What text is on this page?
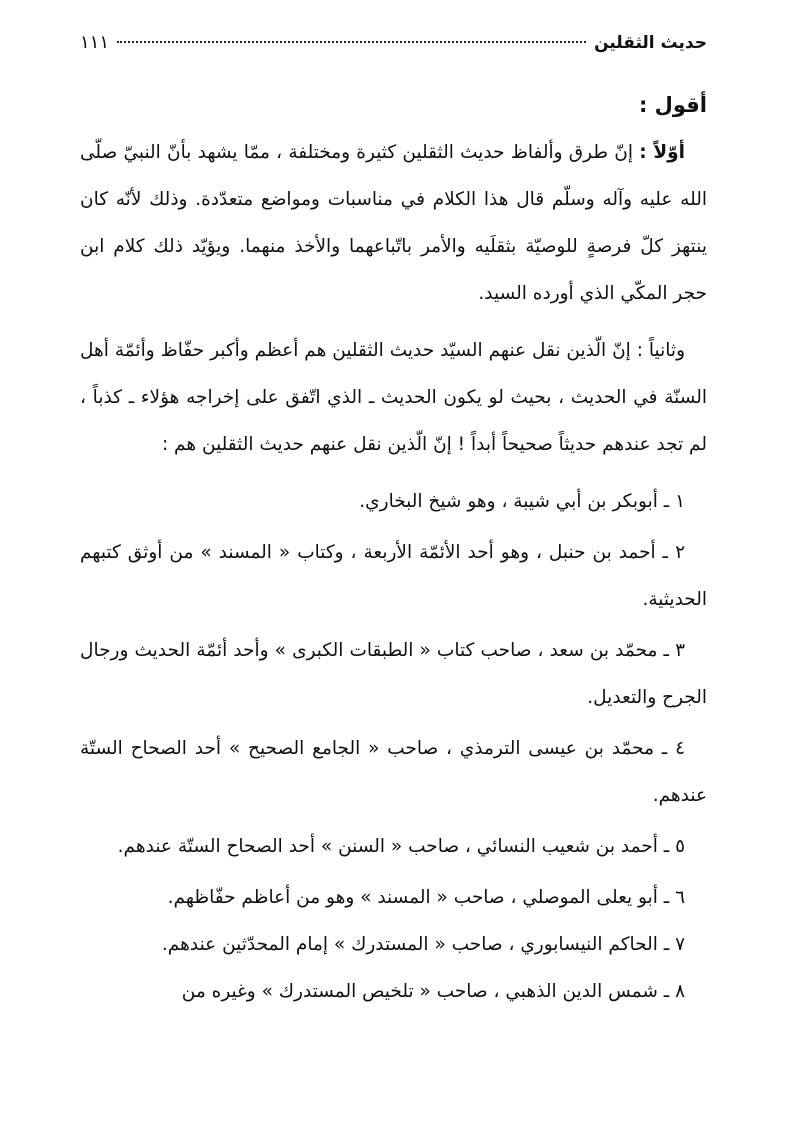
حديث الثقلين
١١١

أقول :

أوّلاً : إنّ طرق وألفاظ حديث الثقلين كثيرة ومختلفة ، ممّا يشهد بأنّ النبيّ صلّى الله عليه وآله وسلّم قال هذا الكلام في مناسبات ومواضع متعدّدة. وذلك لأنّه كان ينتهز كلّ فرصةٍ للوصيّة بثقلَيه والأمر باتّباعهما والأخذ منهما. ويؤيّد ذلك كلام ابن حجر المكّي الذي أورده السيد.

وثانياً : إنّ الّذين نقل عنهم السيّد حديث الثقلين هم أعظم وأكبر حفّاظ وأئمّة أهل السنّة في الحديث ، بحيث لو يكون الحديث ـ الذي اتّفق على إخراجه هؤلاء ـ كذباً ، لم تجد عندهم حديثاً صحيحاً أبداً ! إنّ الّذين نقل عنهم حديث الثقلين هم :

١ ـ أبوبكر بن أبي شيبة ، وهو شيخ البخاري.

٢ ـ أحمد بن حنبل ، وهو أحد الأئمّة الأربعة ، وكتاب « المسند » من أوثق كتبهم الحديثية.

٣ ـ محمّد بن سعد ، صاحب كتاب « الطبقات الكبرى » وأحد أئمّة الحديث ورجال الجرح والتعديل.

٤ ـ محمّد بن عيسى الترمذي ، صاحب « الجامع الصحيح » أحد الصحاح الستّة عندهم.

٥ ـ أحمد بن شعيب النسائي ، صاحب « السنن » أحد الصحاح الستّة عندهم.

٦ ـ أبو يعلى الموصلي ، صاحب « المسند » وهو من أعاظم حفّاظهم.

٧ ـ الحاكم النيسابوري ، صاحب « المستدرك » إمام المحدّثين عندهم.

٨ ـ شمس الدين الذهبي ، صاحب « تلخيص المستدرك » وغيره من
